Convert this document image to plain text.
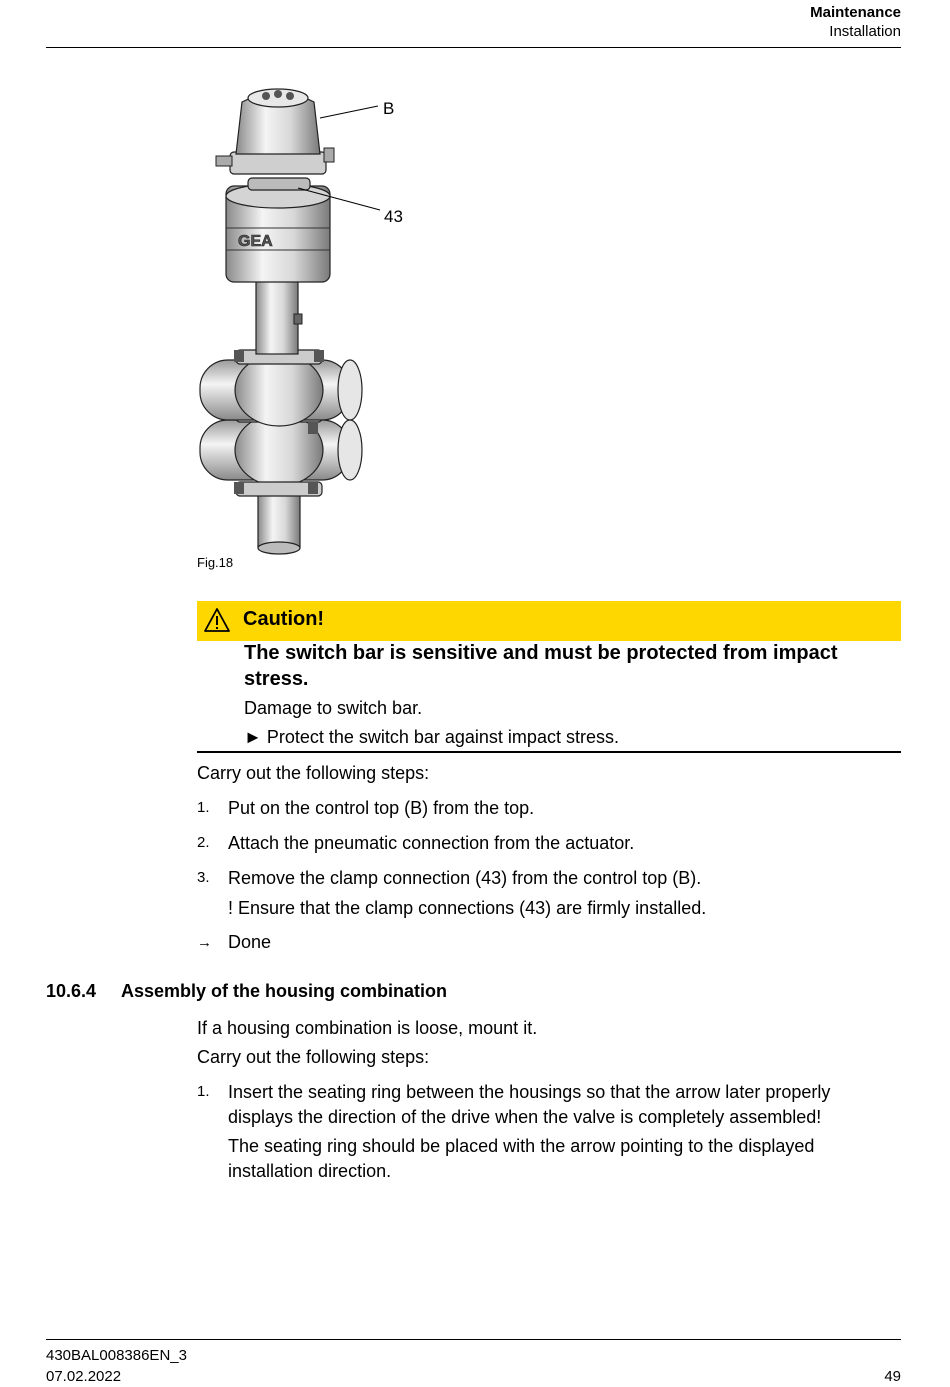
Maintenance
Installation
GEA
B
43
Fig.18
Caution!
The switch bar is sensitive and must be protected from impact stress.
Damage to switch bar.
► Protect the switch bar against impact stress.
Carry out the following steps:
1. Put on the control top (B) from the top.
2. Attach the pneumatic connection from the actuator.
3. Remove the clamp connection (43) from the control top (B).
! Ensure that the clamp connections (43) are firmly installed.
→ Done
10.6.4 Assembly of the housing combination
If a housing combination is loose, mount it.
Carry out the following steps:
1. Insert the seating ring between the housings so that the arrow later properly displays the direction of the drive when the valve is completely assembled!
The seating ring should be placed with the arrow pointing to the displayed installation direction.
430BAL008386EN_3
07.02.2022	49
